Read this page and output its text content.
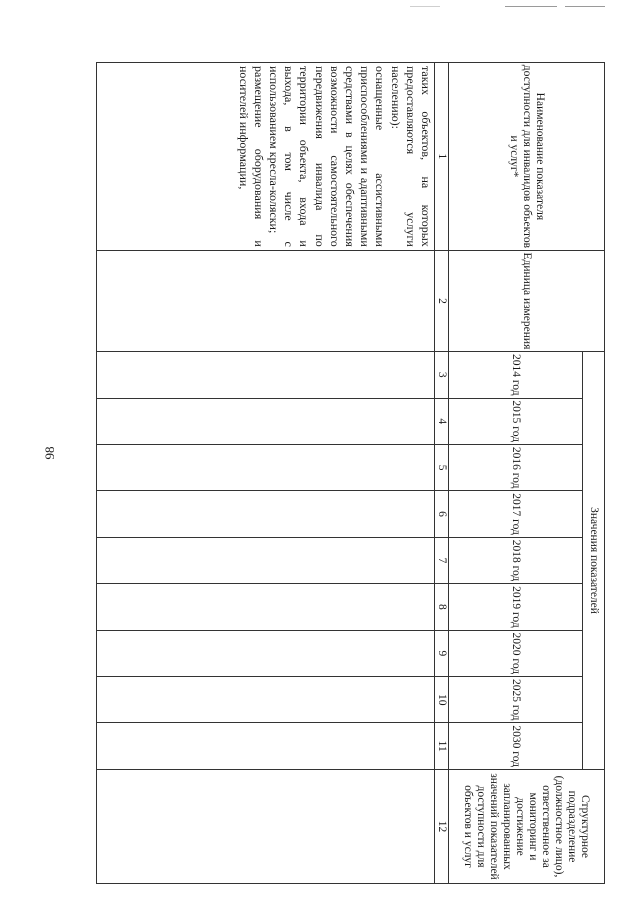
98
Наименование показателя доступности для инвалидов объектов и услуг*	Единица измерения	Значения показателей									Структурное подразделение (должностное лицо), ответственное за мониторинг и достижение запланированных значений показателей доступности для объектов и услуг
		2014 год	2015 год	2016 год	2017 год	2018 год	2019 год	2020 год	2025 год	2030 год	
1	2	3	4	5	6	7	8	9	10	11	12
таких объектов, на которых предоставляются услуги населению):
оснащенные ассистивными приспособлениями и адаптивными средствами в целях обеспечения возможности самостоятельного передвижения инвалида по территории объекта, входа и выхода, в том числе с использованием кресла-коляски;
размещение оборудования и носителей информации,											
